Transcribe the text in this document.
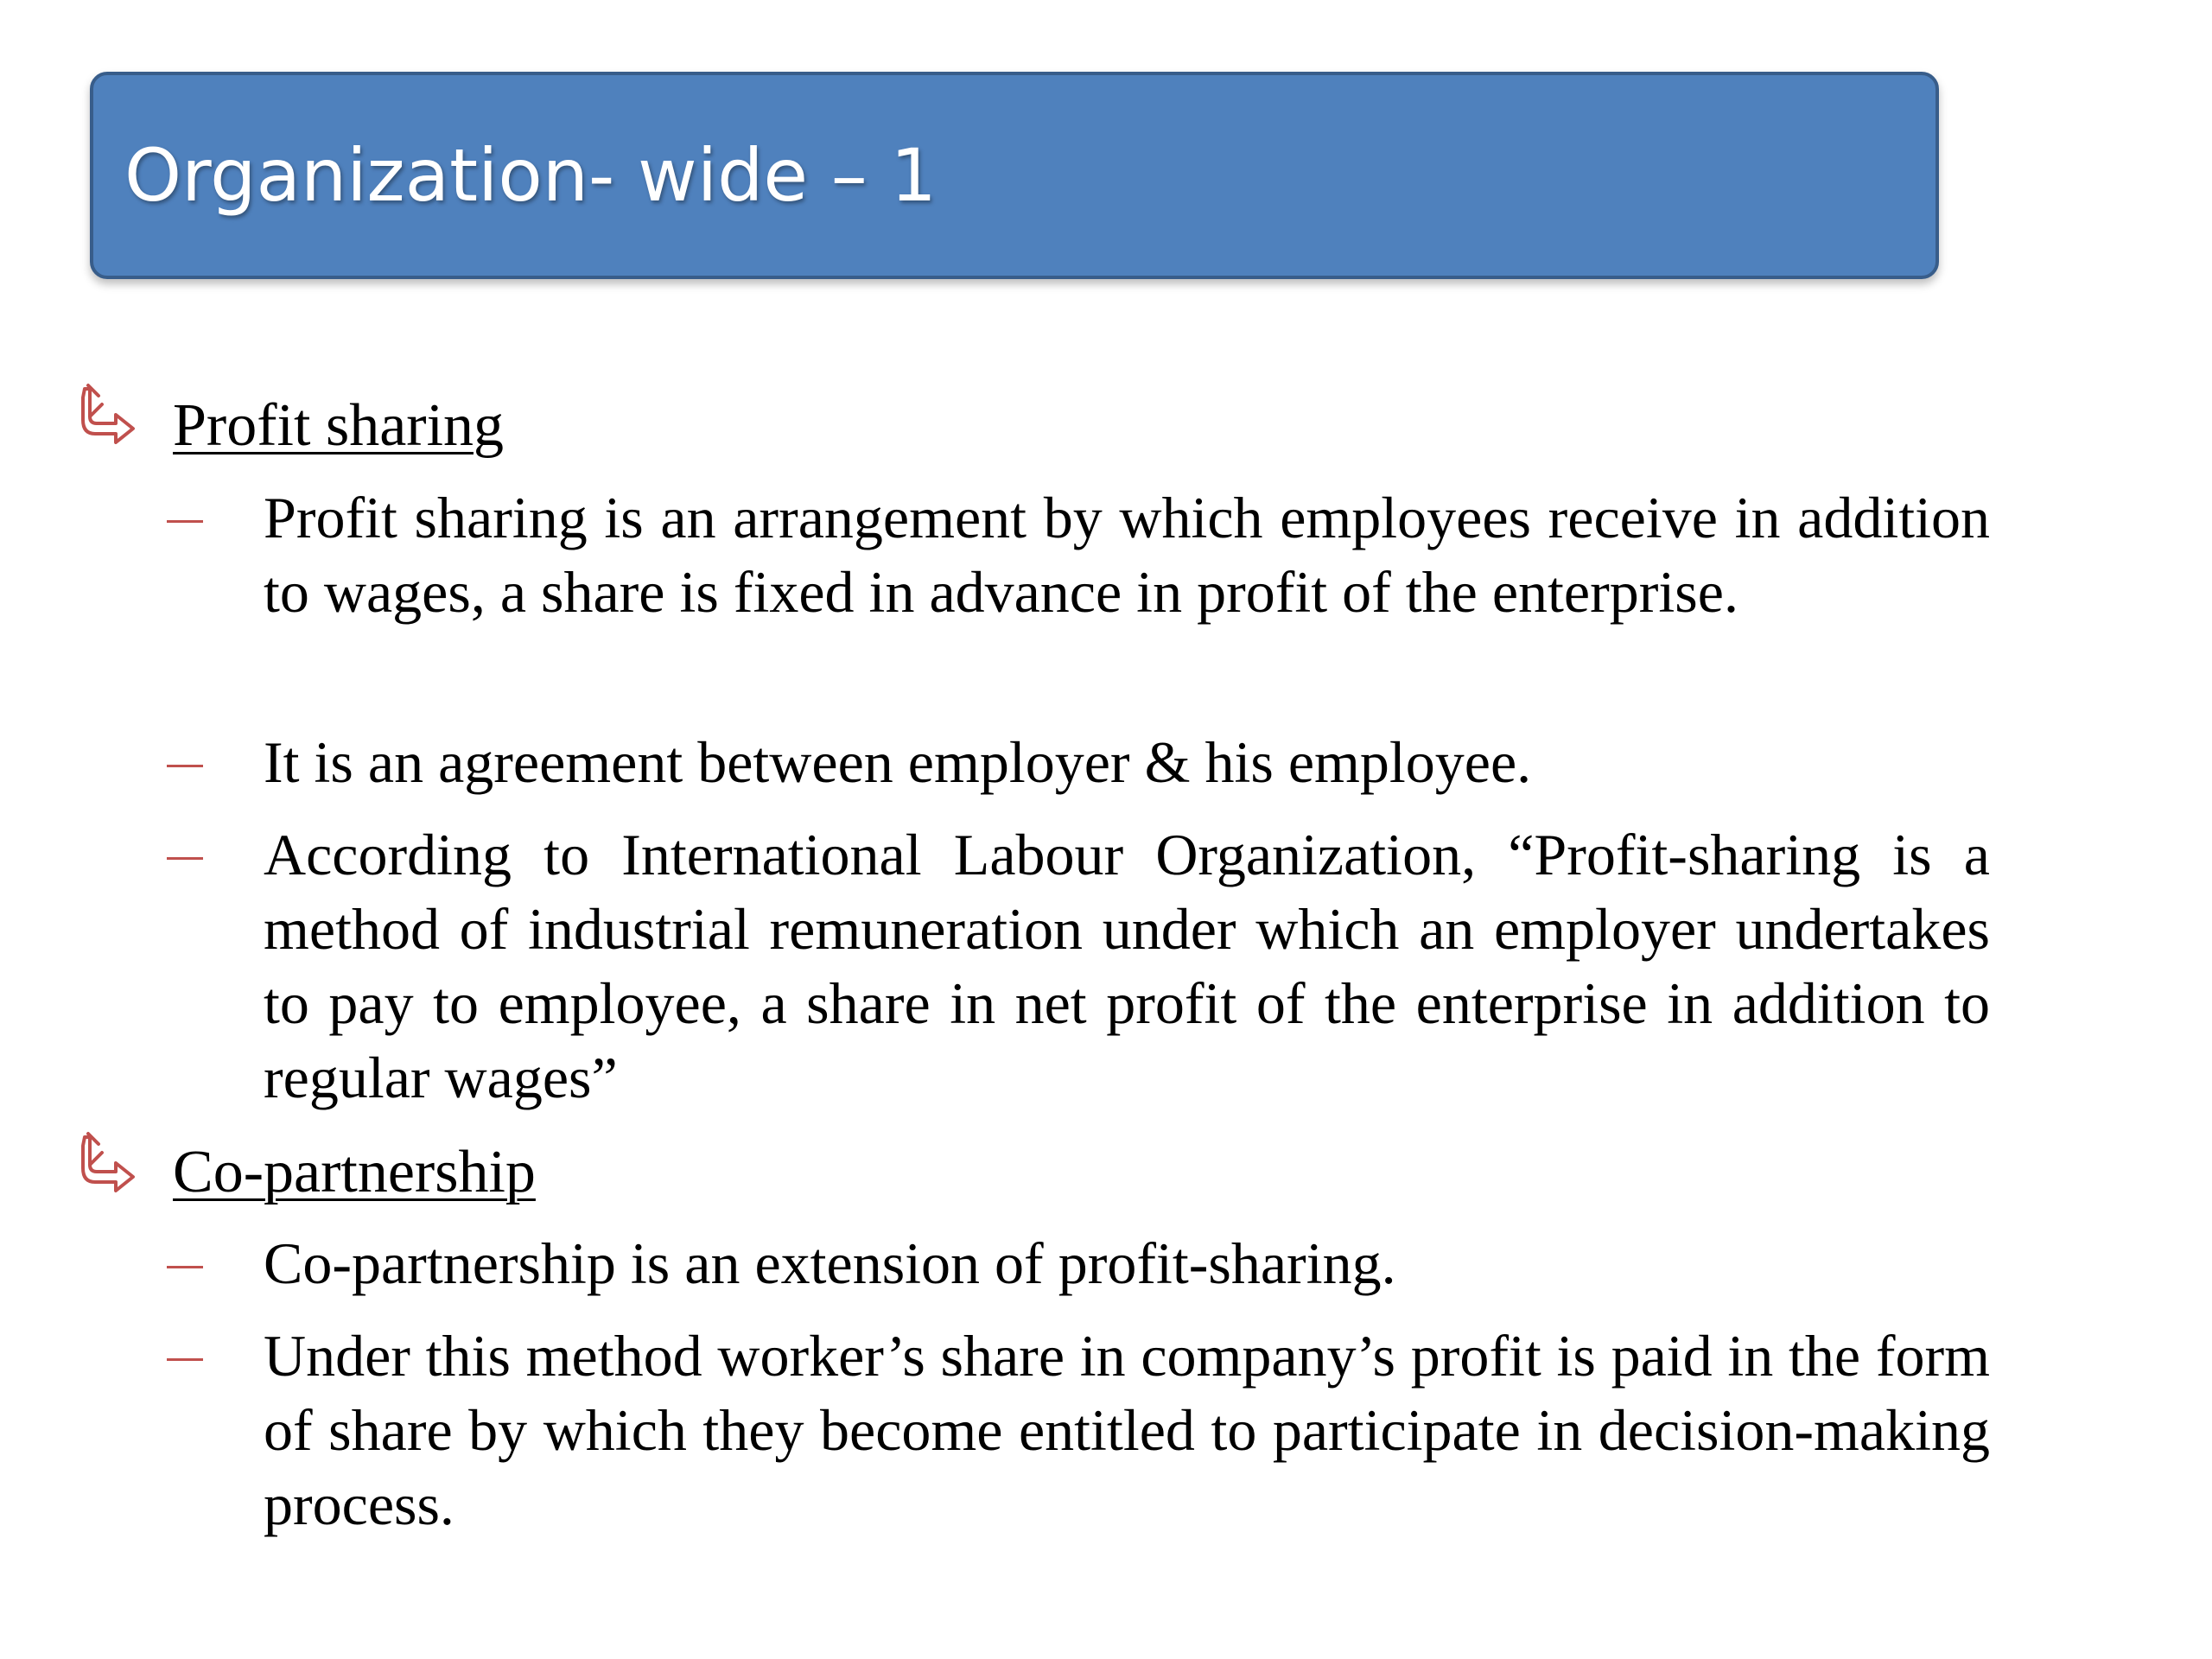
Organization- wide – 1
Profit sharing
Profit sharing is an arrangement by which employees receive in addition to wages, a share is fixed in advance in profit of the enterprise.
It is an agreement between employer & his employee.
According to International Labour Organization, “Profit-sharing is a method of industrial remuneration under which an employer undertakes to pay to employee, a share in net profit of the enterprise in addition to regular wages”
Co-partnership
Co-partnership is an extension of profit-sharing.
Under this method worker’s share in company’s profit is paid in the form of share by which they become entitled to participate in decision-making process.
